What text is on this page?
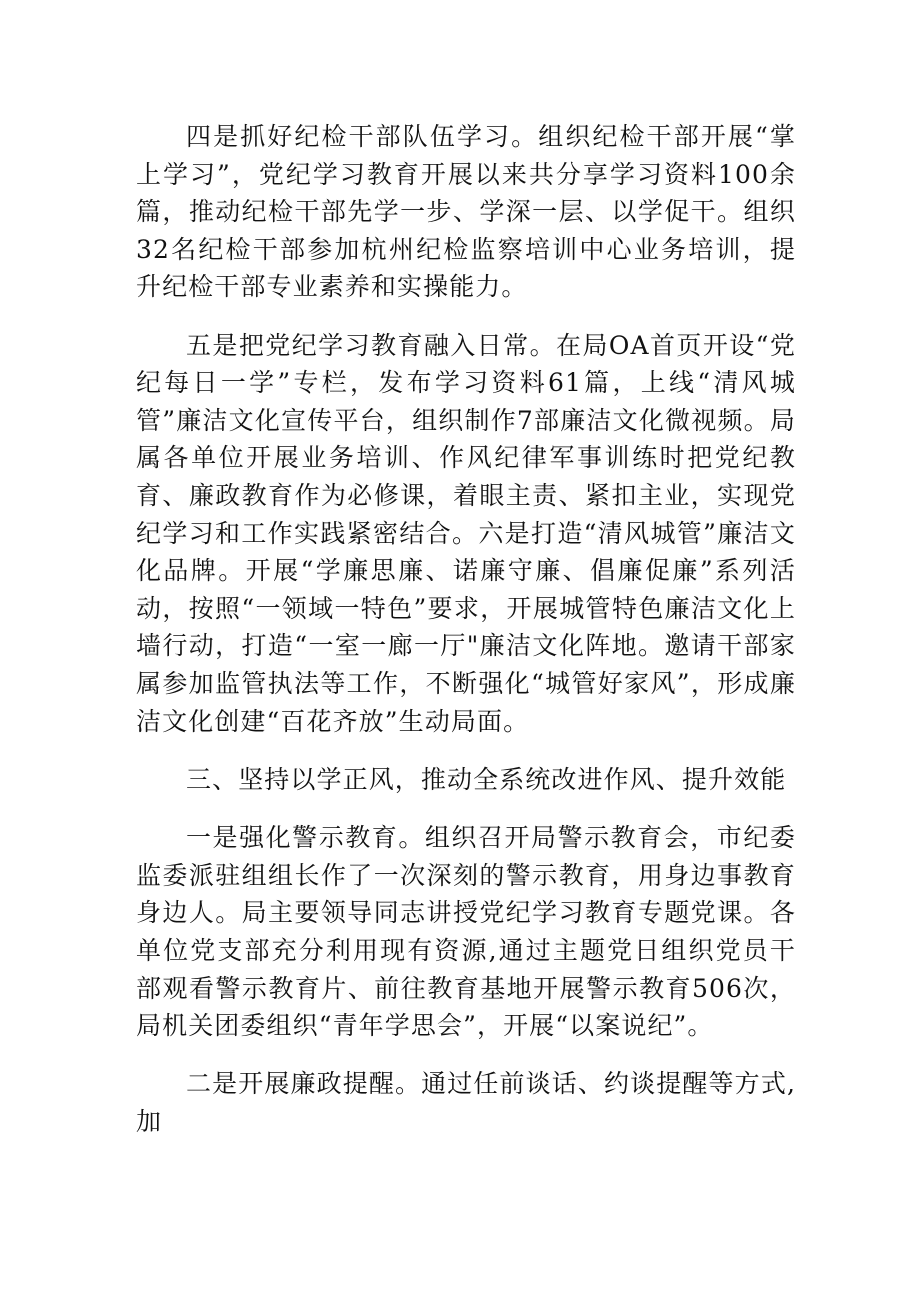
四是抓好纪检干部队伍学习。组织纪检干部开展“掌上学习”，党纪学习教育开展以来共分享学习资料100余篇，推动纪检干部先学一步、学深一层、以学促干。组织32名纪检干部参加杭州纪检监察培训中心业务培训，提升纪检干部专业素养和实操能力。

五是把党纪学习教育融入日常。在局OA首页开设“党纪每日一学”专栏，发布学习资料61篇，上线“清风城管”廉洁文化宣传平台，组织制作7部廉洁文化微视频。局属各单位开展业务培训、作风纪律军事训练时把党纪教育、廉政教育作为必修课，着眼主责、紧扣主业，实现党纪学习和工作实践紧密结合。六是打造“清风城管”廉洁文化品牌。开展“学廉思廉、诺廉守廉、倡廉促廉”系列活动，按照“一领域一特色”要求，开展城管特色廉洁文化上墙行动，打造“一室一廊一厅"廉洁文化阵地。邀请干部家属参加监管执法等工作，不断强化“城管好家风”，形成廉洁文化创建“百花齐放”生动局面。

三、坚持以学正风，推动全系统改进作风、提升效能

一是强化警示教育。组织召开局警示教育会，市纪委监委派驻组组长作了一次深刻的警示教育，用身边事教育身边人。局主要领导同志讲授党纪学习教育专题党课。各单位党支部充分利用现有资源,通过主题党日组织党员干部观看警示教育片、前往教育基地开展警示教育506次，局机关团委组织“青年学思会”，开展“以案说纪”。

二是开展廉政提醒。通过任前谈话、约谈提醒等方式,加
